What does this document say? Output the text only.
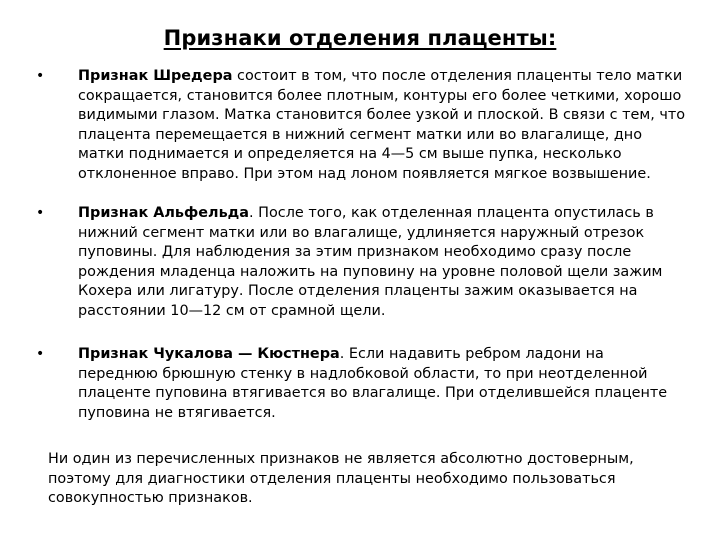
Признаки отделения плаценты:
• Признак Шредера состоит в том, что после отделения плаценты тело матки сокращается, становится более плотным, контуры его более четкими, хорошо видимыми глазом. Матка становится более узкой и плоской. В связи с тем, что плацента перемещается в нижний сегмент матки или во влагалище, дно матки поднимается и определяется на 4—5 см выше пупка, несколько отклоненное вправо. При этом над лоном появляется мягкое возвышение.

• Признак Альфельда. После того, как отделенная плацента опустилась в нижний сегмент матки или во влагалище, удлиняется наружный отрезок пуповины. Для наблюдения за этим признаком необходимо сразу после рождения младенца наложить на пуповину на уровне половой щели зажим Кохера или лигатуру. После отделения плаценты зажим оказывается на расстоянии 10—12 см от срамной щели.

• Признак Чукалова — Кюстнера. Если надавить ребром ладони на переднюю брюшную стенку в надлобковой области, то при неотделенной плаценте пуповина втягивается во влагалище. При отделившейся плаценте пуповина не втягивается.

Ни один из перечисленных признаков не является абсолютно достоверным, поэтому для диагностики отделения плаценты необходимо пользоваться совокупностью признаков.
